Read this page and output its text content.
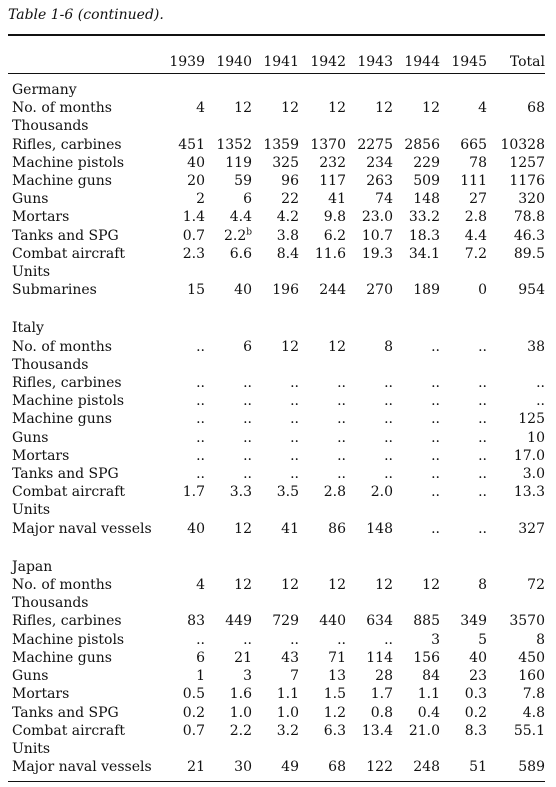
Table 1-6 (continued).
	1939	1940	1941	1942	1943	1944	1945	Total
Germany								
No. of months	4	12	12	12	12	12	4	68
Thousands								
Rifles, carbines	451	1352	1359	1370	2275	2856	665	10328
Machine pistols	40	119	325	232	234	229	78	1257
Machine guns	20	59	96	117	263	509	111	1176
Guns	2	6	22	41	74	148	27	320
Mortars	1.4	4.4	4.2	9.8	23.0	33.2	2.8	78.8
Tanks and SPG	0.7	2.2$^b$	3.8	6.2	10.7	18.3	4.4	46.3
Combat aircraft	2.3	6.6	8.4	11.6	19.3	34.1	7.2	89.5
Units								
Submarines	15	40	196	244	270	189	0	954

Italy								
No. of months	..	6	12	12	8	..	..	38
Thousands								
Rifles, carbines	..	..	..	..	..	..	..	..
Machine pistols	..	..	..	..	..	..	..	..
Machine guns	..	..	..	..	..	..	..	125
Guns	..	..	..	..	..	..	..	10
Mortars	..	..	..	..	..	..	..	17.0
Tanks and SPG	..	..	..	..	..	..	..	3.0
Combat aircraft	1.7	3.3	3.5	2.8	2.0	..	..	13.3
Units								
Major naval vessels	40	12	41	86	148	..	..	327

Japan								
No. of months	4	12	12	12	12	12	8	72
Thousands								
Rifles, carbines	83	449	729	440	634	885	349	3570
Machine pistols	..	..	..	..	..	3	5	8
Machine guns	6	21	43	71	114	156	40	450
Guns	1	3	7	13	28	84	23	160
Mortars	0.5	1.6	1.1	1.5	1.7	1.1	0.3	7.8
Tanks and SPG	0.2	1.0	1.0	1.2	0.8	0.4	0.2	4.8
Combat aircraft	0.7	2.2	3.2	6.3	13.4	21.0	8.3	55.1
Units								
Major naval vessels	21	30	49	68	122	248	51	589
